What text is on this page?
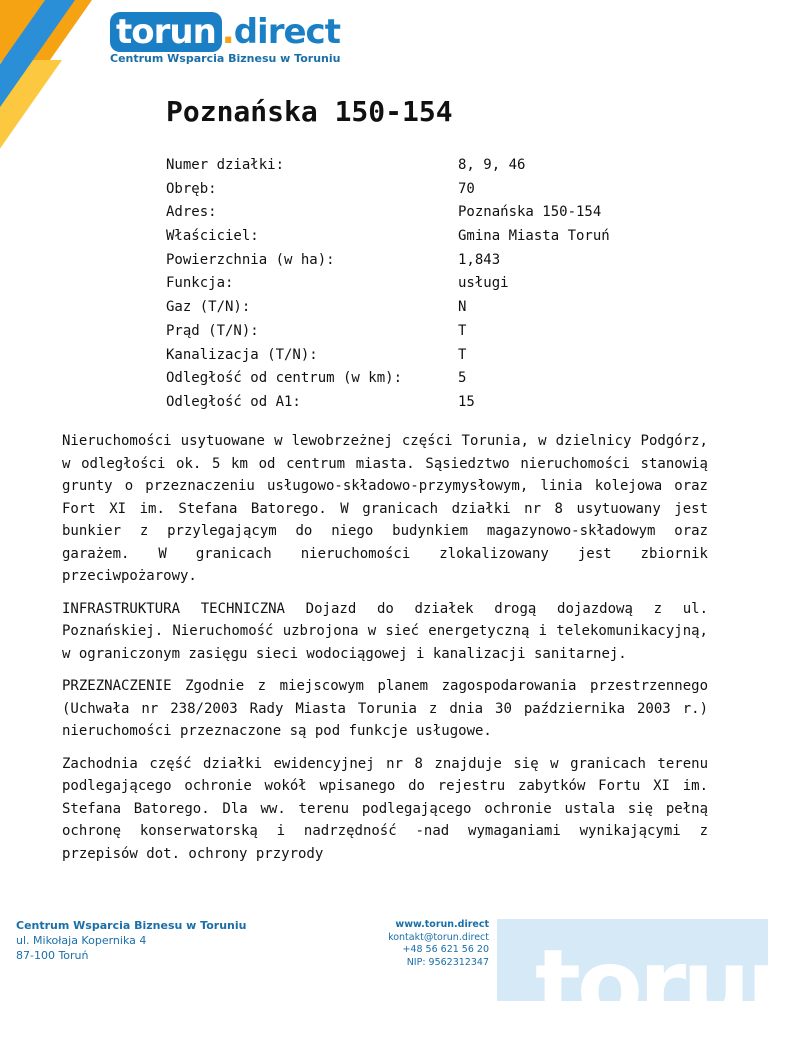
torun .direct
Centrum Wsparcia Biznesu w Toruniu
Poznańska 150-154
Numer działki:	8, 9, 46
Obręb:	70
Adres:	Poznańska 150-154
Właściciel:	Gmina Miasta Toruń
Powierzchnia (w ha):	1,843
Funkcja:	usługi
Gaz (T/N):	N
Prąd (T/N):	T
Kanalizacja (T/N):	T
Odległość od centrum (w km):	5
Odległość od A1:	15

Nieruchomości usytuowane w lewobrzeżnej części Torunia, w dzielnicy Podgórz, w odległości ok. 5 km od centrum miasta. Sąsiedztwo nieruchomości stanowią grunty o przeznaczeniu usługowo-składowo-przymysłowym, linia kolejowa oraz Fort XI im. Stefana Batorego. W granicach działki nr 8 usytuowany jest bunkier z przylegającym do niego budynkiem magazynowo-składowym oraz garażem. W granicach nieruchomości zlokalizowany jest zbiornik przeciwpożarowy.

INFRASTRUKTURA TECHNICZNA Dojazd do działek drogą dojazdową z ul. Poznańskiej. Nieruchomość uzbrojona w sieć energetyczną i telekomunikacyjną, w ograniczonym zasięgu sieci wodociągowej i kanalizacji sanitarnej.

PRZEZNACZENIE Zgodnie z miejscowym planem zagospodarowania przestrzennego (Uchwała nr 238/2003 Rady Miasta Torunia z dnia 30 października 2003 r.) nieruchomości przeznaczone są pod funkcje usługowe.

Zachodnia część działki ewidencyjnej nr 8 znajduje się w granicach terenu podlegającego ochronie wokół wpisanego do rejestru zabytków Fortu XI im. Stefana Batorego. Dla ww. terenu podlegającego ochronie ustala się pełną ochronę konserwatorską i nadrzędność -nad wymaganiami wynikającymi z przepisów dot. ochrony przyrody

Centrum Wsparcia Biznesu w Toruniu
ul. Mikołaja Kopernika 4
87-100 Toruń
www.torun.direct
kontakt@torun.direct
+48 56 621 56 20
NIP: 9562312347 torun
